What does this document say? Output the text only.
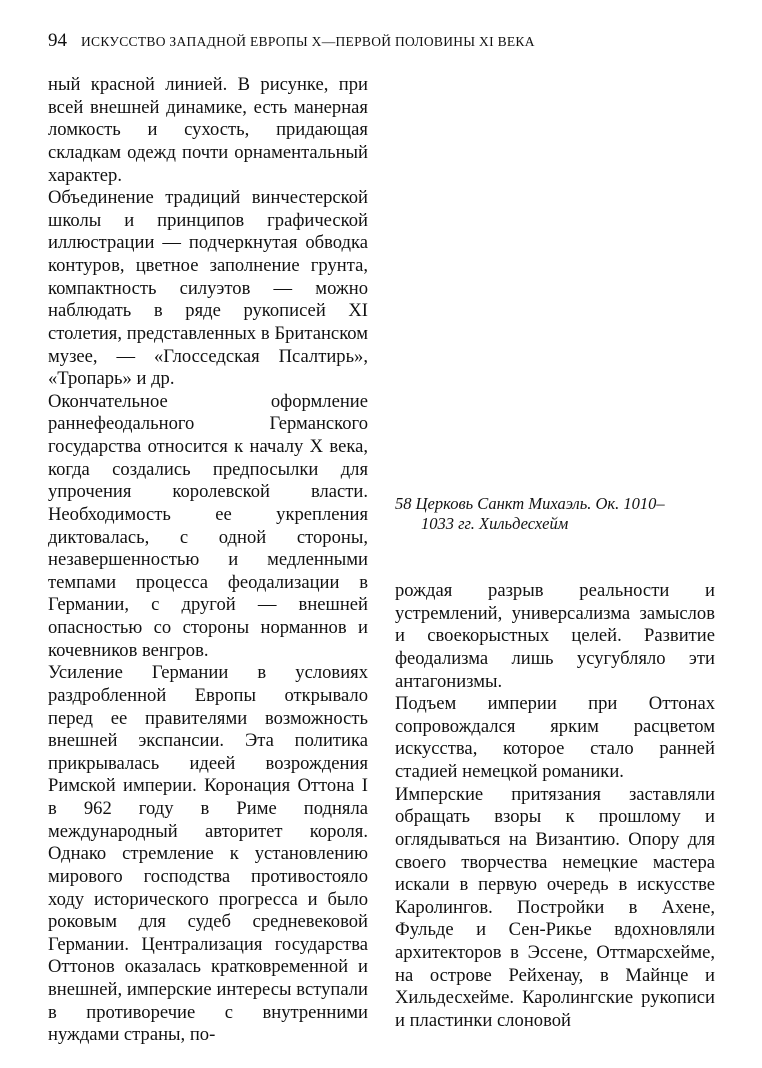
94 ИСКУССТВО ЗАПАДНОЙ ЕВРОПЫ X—ПЕРВОЙ ПОЛОВИНЫ XI ВЕКА

ный красной линией. В рисунке, при всей внешней динамике, есть манерная ломкость и сухость, придающая складкам одежд почти орнаментальный характер.

Объединение традиций винчестерской школы и принципов графической иллюстрации — подчеркнутая обводка контуров, цветное заполнение грунта, компактность силуэтов — можно наблюдать в ряде рукописей XI столетия, представленных в Британском музее, — «Глосседская Псалтирь», «Тропарь» и др.

Окончательное оформление раннефеодального Германского государства относится к началу X века, когда создались предпосылки для упрочения королевской власти. Необходимость ее укрепления диктовалась, с одной стороны, незавершенностью и медленными темпами процесса феодализации в Германии, с другой — внешней опасностью со стороны норманнов и кочевников венгров.

Усиление Германии в условиях раздробленной Европы открывало перед ее правителями возможность внешней экспансии. Эта политика прикрывалась идеей возрождения Римской империи. Коронация Оттона I в 962 году в Риме подняла международный авторитет короля. Однако стремление к установлению мирового господства противостояло ходу исторического прогресса и было роковым для судеб средневековой Германии. Централизация государства Оттонов оказалась кратковременной и внешней, имперские интересы вступали в противоречие с внутренними нуждами страны, по-

58 Церковь Санкт Михаэль. Ок. 1010–
1033 гг. Хильдесхейм

рождая разрыв реальности и устремлений, универсализма замыслов и своекорыстных целей. Развитие феодализма лишь усугубляло эти антагонизмы.

Подъем империи при Оттонах сопровождался ярким расцветом искусства, которое стало ранней стадией немецкой романики.

Имперские притязания заставляли обращать взоры к прошлому и оглядываться на Византию. Опору для своего творчества немецкие мастера искали в первую очередь в искусстве Каролингов. Постройки в Ахене, Фульде и Сен-Рикье вдохновляли архитекторов в Эссене, Оттмарсхейме, на острове Рейхенау, в Майнце и Хильдесхейме. Каролингские рукописи и пластинки слоновой
